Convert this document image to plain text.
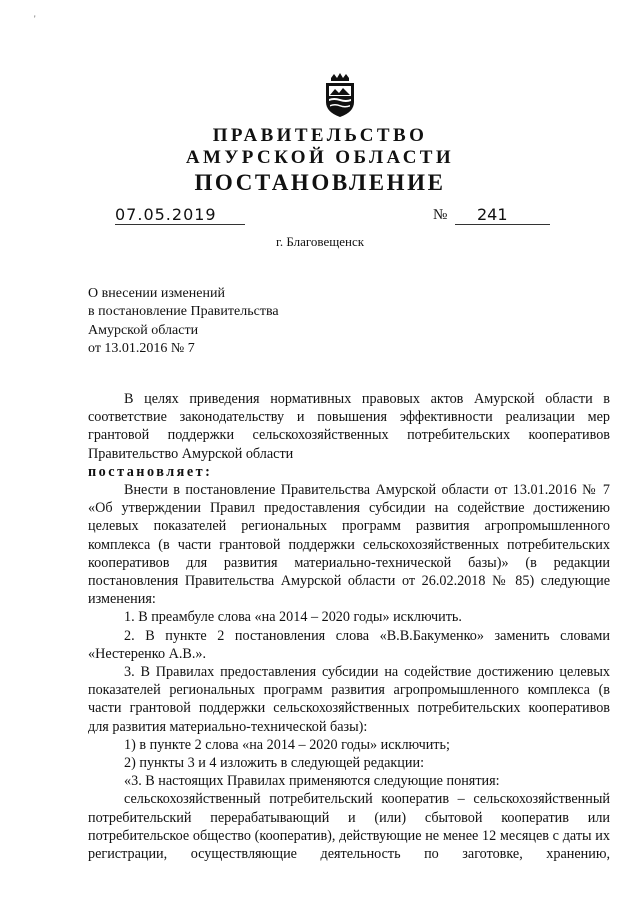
'
ПРАВИТЕЛЬСТВО
АМУРСКОЙ ОБЛАСТИ
ПОСТАНОВЛЕНИЕ
07.05.2019	№	241
г. Благовещенск
О внесении изменений
в постановление Правительства
Амурской области
от 13.01.2016 № 7

В целях приведения нормативных правовых актов Амурской области в соответствие законодательству и повышения эффективности реализации мер грантовой поддержки сельскохозяйственных потребительских кооперативов Правительство Амурской области

постановляет:

Внести в постановление Правительства Амурской области от 13.01.2016 № 7 «Об утверждении Правил предоставления субсидии на содействие достижению целевых показателей региональных программ развития агропромышленного комплекса (в части грантовой поддержки сельскохозяйственных потребительских кооперативов для развития материально-технической базы)» (в редакции постановления Правительства Амурской области от 26.02.2018 № 85) следующие изменения:

1. В преамбуле слова «на 2014 – 2020 годы» исключить.

2. В пункте 2 постановления слова «В.В.Бакуменко» заменить словами «Нестеренко А.В.».

3. В Правилах предоставления субсидии на содействие достижению целевых показателей региональных программ развития агропромышленного комплекса (в части грантовой поддержки сельскохозяйственных потребительских кооперативов для развития материально-технической базы):

1) в пункте 2 слова «на 2014 – 2020 годы» исключить;

2) пункты 3 и 4 изложить в следующей редакции:

«3. В настоящих Правилах применяются следующие понятия:

сельскохозяйственный потребительский кооператив – сельскохозяйственный потребительский перерабатывающий и (или) сбытовой кооператив или потребительское общество (кооператив), действующие не менее 12 месяцев с даты их регистрации, осуществляющие деятельность по заготовке, хранению,
